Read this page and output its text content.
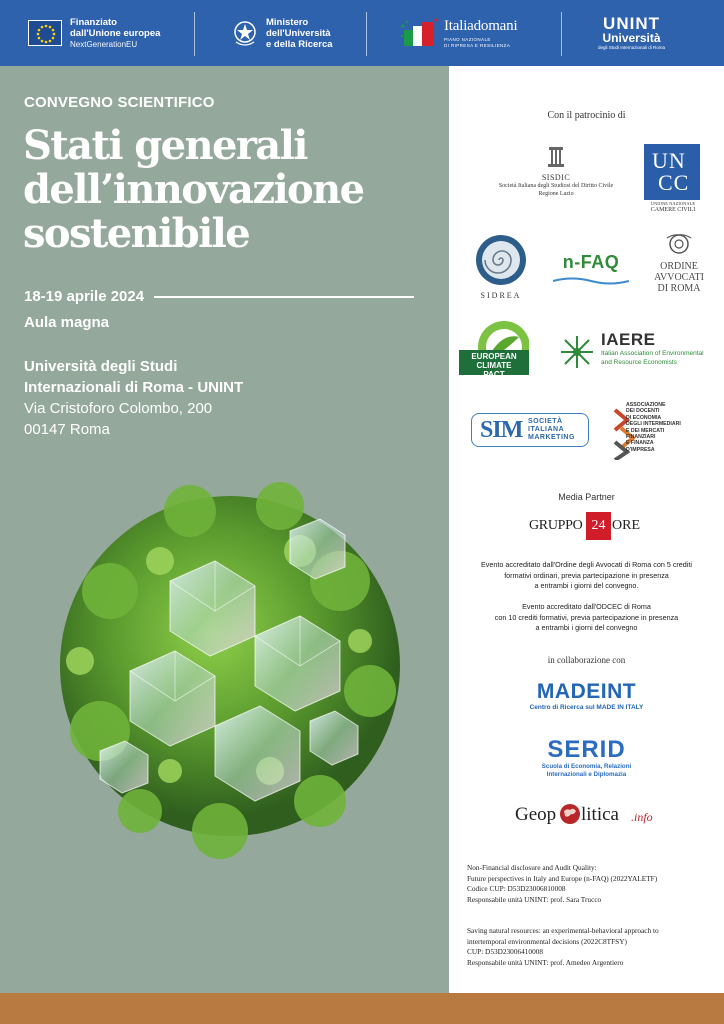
Finanziato
dall'Unione europea
NextGenerationEU
Ministero
dell'Università
e della Ricerca
Italiadomani
PIANO NAZIONALE
DI RIPRESA E RESILIENZA
UNINT
Università
degli Studi Internazionali di Roma
CONVEGNO SCIENTIFICO
Stati generali
dell’innovazione
sostenibile
18-19 aprile 2024
Aula magna
Università degli Studi
Internazionali di Roma - UNINT
Via Cristoforo Colombo, 200
00147 Roma
Con il patrocinio di
SISDIC
Società Italiana degli Studiosi del Diritto Civile
Regione Lazio
UN
CC
UNIONE NAZIONALE
CAMERE CIVILI
SIDREA
n-FAQ	ORDINE
AVVOCATI
DI ROMA
EUROPEAN
CLIMATE
PACT
IAERE
Italian Association of Environmental
and Resource Economists
SIM SOCIETÀ
ITALIANA
MARKETING
ASSOCIAZIONE
DEI DOCENTI
DI ECONOMIA
DEGLI INTERMEDIARI
E DEI MERCATI
FINANZIARI
E FINANZA
D'IMPRESA
Media Partner
GRUPPO 24 ORE
Evento accreditato dall'Ordine degli Avvocati di Roma con 5 crediti
formativi ordinari, previa partecipazione in presenza
a entrambi i giorni del convegno.
Evento accreditato dall'ODCEC di Roma
con 10 crediti formativi, previa partecipazione in presenza
a entrambi i giorni del convegno
in collaborazione con
MADEINT
Centro di Ricerca sul MADE IN ITALY
SERID
Scuola di Economia, Relazioni
Internazionali e Diplomazia
Geop litica .info
Non-Financial disclosure and Audit Quality:
Future perspectives in Italy and Europe (n-FAQ) (2022YALETF)
Codice CUP: D53D23006810008
Responsabile unità UNINT: prof. Sara Trucco
Saving natural resources: an experimental-behavioral approach to
intertemporal environmental decisions (2022C8TFSY)
CUP: D53D23006410008
Responsabile unità UNINT: prof. Amedeo Argentiero
